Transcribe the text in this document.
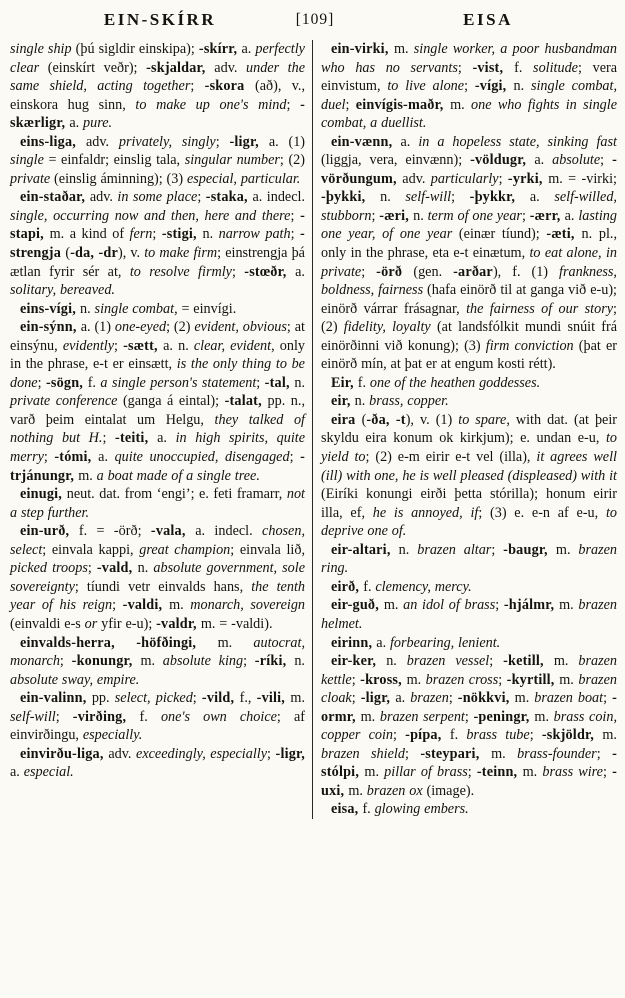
EIN-SKÍRR	[109]	EISA

single ship (þú sigldir einskipa); -skírr, a. perfectly clear (einskírt veðr); -skjaldar, adv. under the same shield, acting together; -skora (að), v., einskora hug sinn, to make up one's mind; -skærligr, a. pure.

eins-liga, adv. privately, singly; -ligr, a. (1) single = einfaldr; einslig tala, singular number; (2) private (einslig áminning); (3) especial, particular.

ein-staðar, adv. in some place; -staka, a. indecl. single, occurring now and then, here and there; -stapi, m. a kind of fern; -stigi, n. narrow path; -strengja (-da, -dr), v. to make firm; einstrengja þá ætlan fyrir sér at, to resolve firmly; -stœðr, a. solitary, bereaved.

eins-vígi, n. single combat, = einvígi.

ein-sýnn, a. (1) one-eyed; (2) evident, obvious; at einsýnu, evidently; -sætt, a. n. clear, evident, only in the phrase, e-t er einsætt, is the only thing to be done; -sögn, f. a single person's statement; -tal, n. private conference (ganga á eintal); -talat, pp. n., varð þeim eintalat um Helgu, they talked of nothing but H.; -teiti, a. in high spirits, quite merry; -tómi, a. quite unoccupied, disengaged; -trjánungr, m. a boat made of a single tree.

einugi, neut. dat. from ‘engi’; e. feti framarr, not a step further.

ein-urð, f. = -örð; -vala, a. indecl. chosen, select; einvala kappi, great champion; einvala lið, picked troops; -vald, n. absolute government, sole sovereignty; tíundi vetr einvalds hans, the tenth year of his reign; -valdi, m. monarch, sovereign (einvaldi e-s or yfir e-u); -valdr, m. = -valdi).

einvalds-herra, -höfðingi, m. autocrat, monarch; -konungr, m. absolute king; -ríki, n. absolute sway, empire.

ein-valinn, pp. select, picked; -vild, f., -vili, m. self-will; -virðing, f. one's own choice; af einvirðingu, especially.

einvirðu-liga, adv. exceedingly, especially; -ligr, a. especial.

ein-virki, m. single worker, a poor husbandman who has no servants; -vist, f. solitude; vera einvistum, to live alone; -vígi, n. single combat, duel; einvígis-maðr, m. one who fights in single combat, a duellist.

ein-vænn, a. in a hopeless state, sinking fast (liggja, vera, einvænn); -völdugr, a. absolute; -vörðungum, adv. particularly; -yrki, m. = -virki; -þykki, n. self-will; -þykkr, a. self-willed, stubborn; -æri, n. term of one year; -ærr, a. lasting one year, of one year (einær tíund); -æti, n. pl., only in the phrase, eta e-t einætum, to eat alone, in private; -örð (gen. -arðar), f. (1) frankness, boldness, fairness (hafa einörð til at ganga við e-u); einörð várrar frásagnar, the fairness of our story; (2) fidelity, loyalty (at landsfólkit mundi snúit frá einörðinni við konung); (3) firm conviction (þat er einörð mín, at þat er at engum kosti rétt).

Eir, f. one of the heathen goddesses.

eir, n. brass, copper.

eira (-ða, -t), v. (1) to spare, with dat. (at þeir skyldu eira konum ok kirkjum); e. undan e-u, to yield to; (2) e-m eirir e-t vel (illa), it agrees well (ill) with one, he is well pleased (displeased) with it (Eiríki konungi eirði þetta stórilla); honum eirir illa, ef, he is annoyed, if; (3) e. e-n af e-u, to deprive one of.

eir-altari, n. brazen altar; -baugr, m. brazen ring.

eirð, f. clemency, mercy.

eir-guð, m. an idol of brass; -hjálmr, m. brazen helmet.

eirinn, a. forbearing, lenient.

eir-ker, n. brazen vessel; -ketill, m. brazen kettle; -kross, m. brazen cross; -kyrtill, m. brazen cloak; -ligr, a. brazen; -nökkvi, m. brazen boat; -ormr, m. brazen serpent; -peningr, m. brass coin, copper coin; -pípa, f. brass tube; -skjöldr, m. brazen shield; -steypari, m. brass-founder; -stólpi, m. pillar of brass; -teinn, m. brass wire; -uxi, m. brazen ox (image).

eisa, f. glowing embers.
